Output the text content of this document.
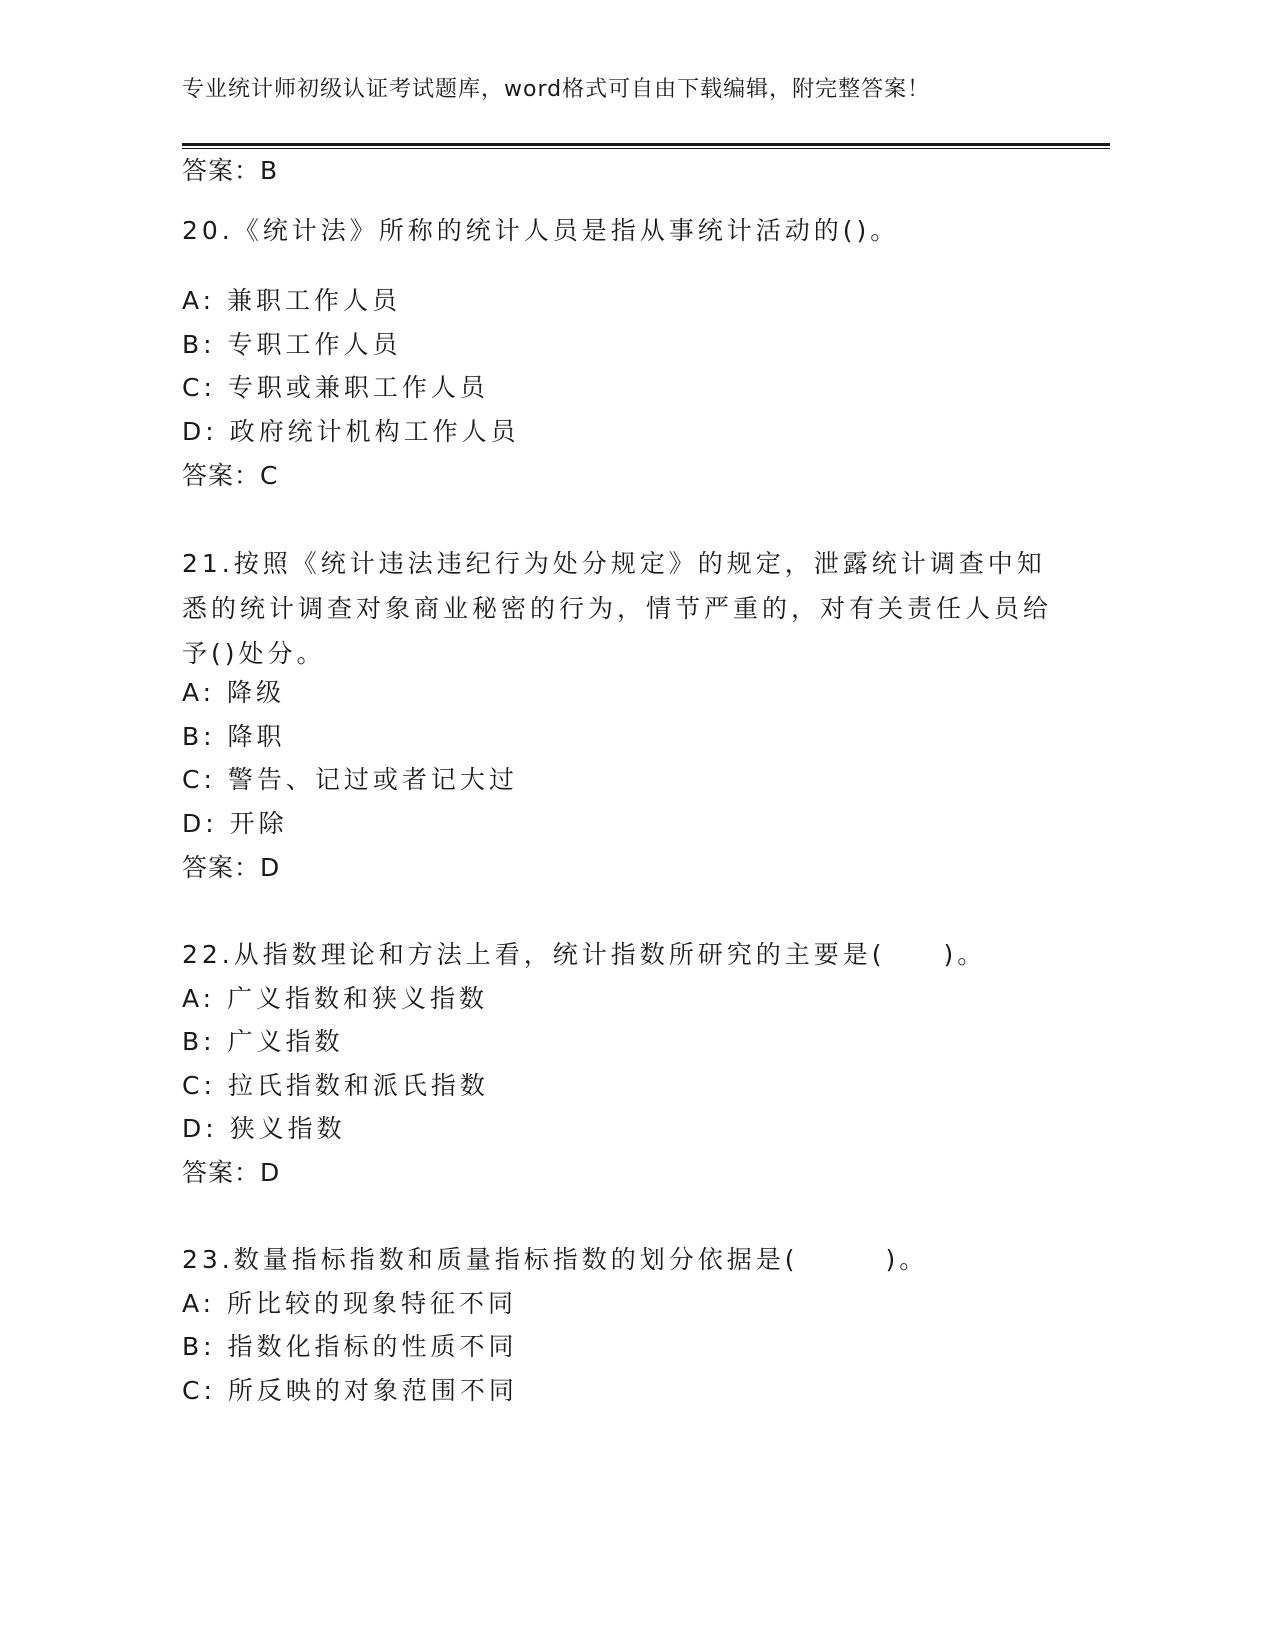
专业统计师初级认证考试题库，word格式可自由下载编辑，附完整答案！
答案：B
20.《统计法》所称的统计人员是指从事统计活动的()。
A: 兼职工作人员
B: 专职工作人员
C: 专职或兼职工作人员
D: 政府统计机构工作人员
答案：C
21.按照《统计违法违纪行为处分规定》的规定，泄露统计调查中知悉的统计调查对象商业秘密的行为，情节严重的，对有关责任人员给予()处分。
A: 降级
B: 降职
C: 警告、记过或者记大过
D: 开除
答案：D
22.从指数理论和方法上看，统计指数所研究的主要是(　　)。
A: 广义指数和狭义指数
B: 广义指数
C: 拉氏指数和派氏指数
D: 狭义指数
答案：D
23.数量指标指数和质量指标指数的划分依据是(　　　)。
A: 所比较的现象特征不同
B: 指数化指标的性质不同
C: 所反映的对象范围不同
